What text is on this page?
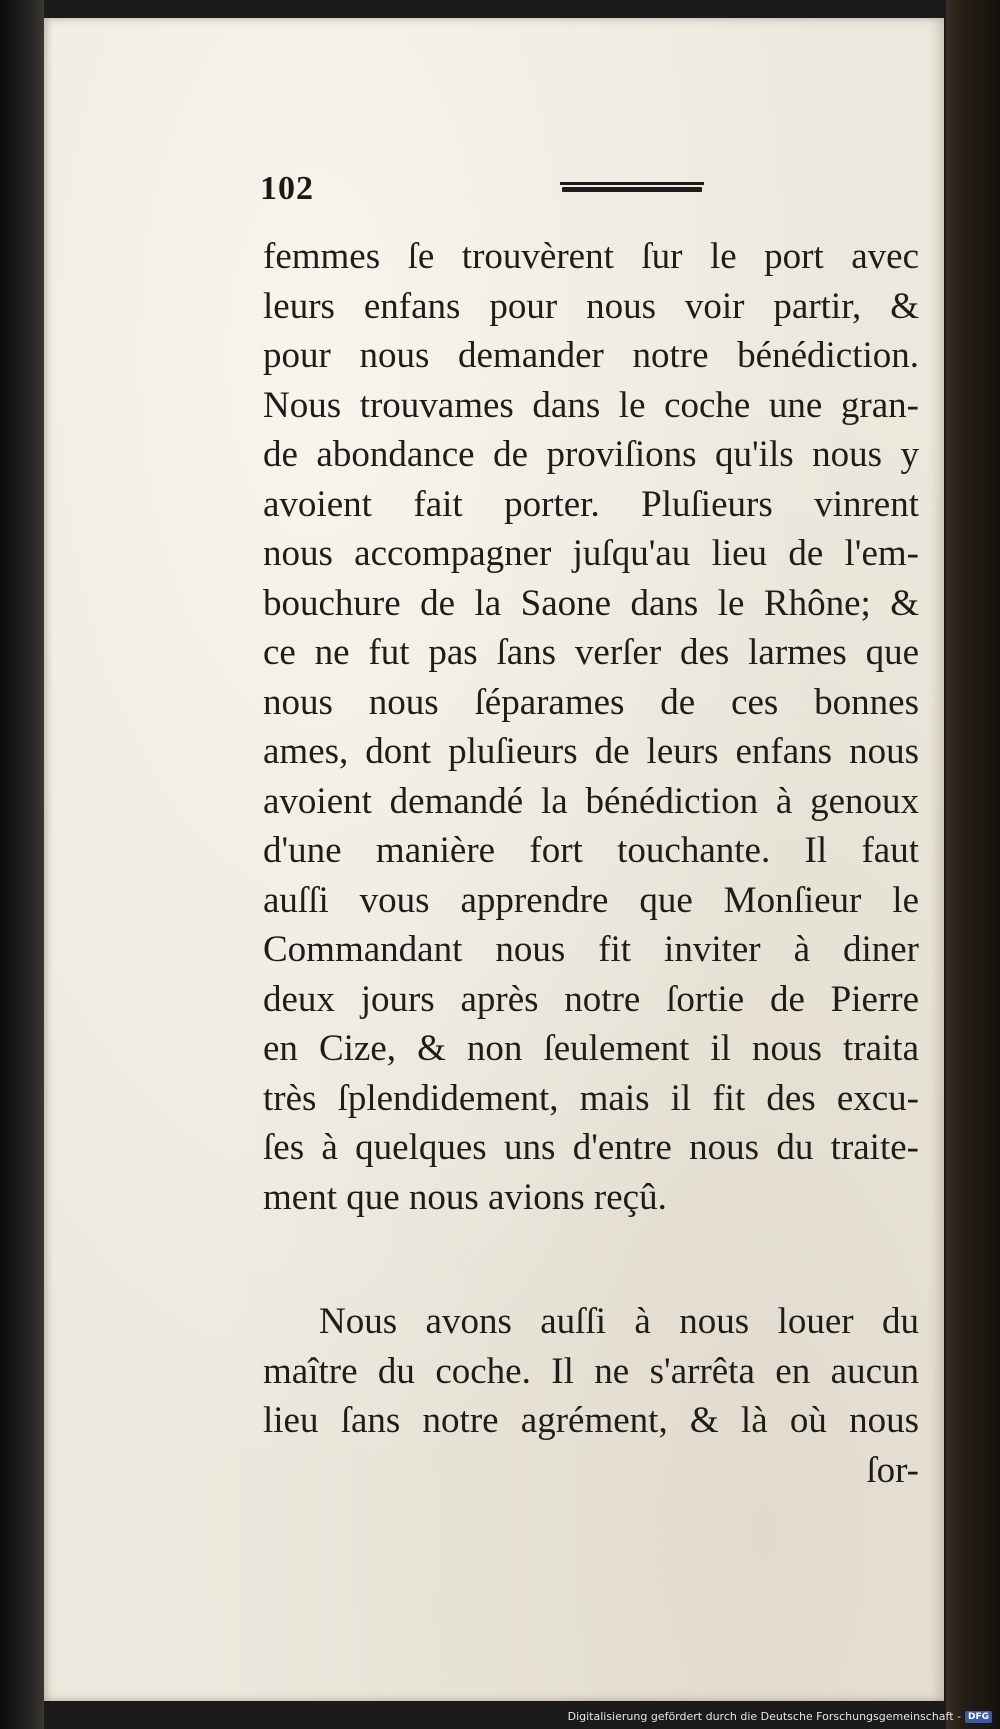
102
femmes ſe trouvèrent ſur le port avec
leurs enfans pour nous voir partir, &
pour nous demander notre bénédiction.
Nous trouvames dans le coche une gran-
de abondance de proviſions qu'ils nous y
avoient fait porter. Pluſieurs vinrent
nous accompagner juſqu'au lieu de l'em-
bouchure de la Saone dans le Rhône; &
ce ne fut pas ſans verſer des larmes que
nous nous ſéparames de ces bonnes
ames, dont pluſieurs de leurs enfans nous
avoient demandé la bénédiction à genoux
d'une manière fort touchante. Il faut
auſſi vous apprendre que Monſieur le
Commandant nous fit inviter à diner
deux jours après notre ſortie de Pierre
en Cize, & non ſeulement il nous traita
très ſplendidement, mais il fit des excu-
ſes à quelques uns d'entre nous du traite-
ment que nous avions reçû.
Nous avons auſſi à nous louer du
maître du coche. Il ne s'arrêta en aucun
lieu ſans notre agrément, & là où nous
ſor-
Digitalisierung gefördert durch die Deutsche Forschungsgemeinschaft - DFG
